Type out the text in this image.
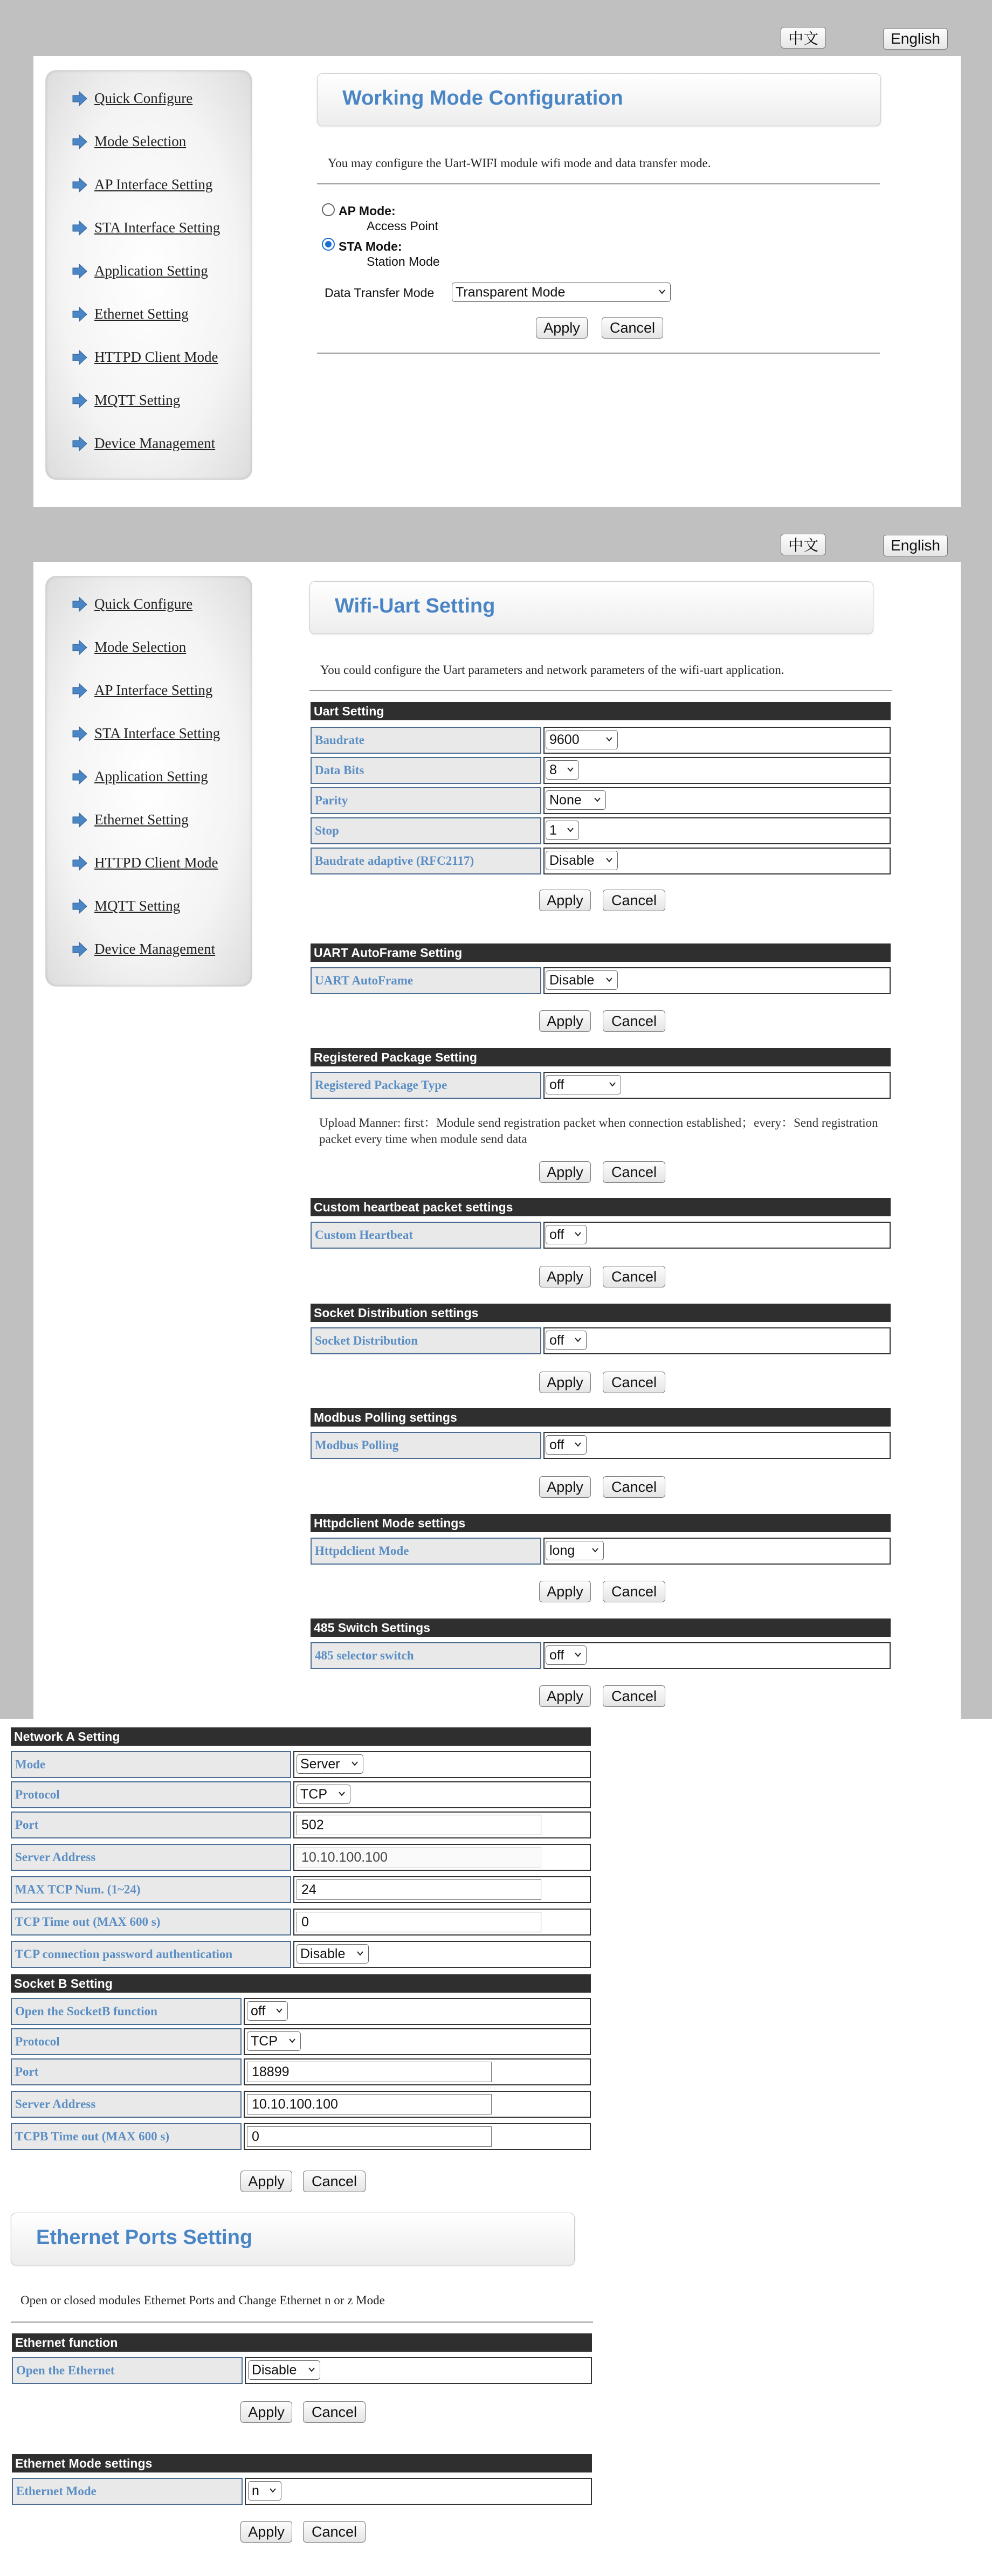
中文	English
Quick Configure
Mode Selection
AP Interface Setting
STA Interface Setting
Application Setting
Ethernet Setting
HTTPD Client Mode
MQTT Setting
Device Management
Working Mode Configuration
You may configure the Uart-WIFI module wifi mode and data transfer mode.
AP Mode:
Access Point
STA Mode:
Station Mode
Data Transfer Mode Transparent Mode
Apply	Cancel
中文	English
Quick Configure
Mode Selection
AP Interface Setting
STA Interface Setting
Application Setting
Ethernet Setting
HTTPD Client Mode
MQTT Setting
Device Management
Wifi-Uart Setting
You could configure the Uart parameters and network parameters of the wifi-uart application.
Uart Setting
Baudrate	9600
Data Bits	8
Parity	None
Stop	1
Baudrate adaptive (RFC2117)	Disable
Apply	Cancel
UART AutoFrame Setting
UART AutoFrame	Disable
Apply	Cancel
Registered Package Setting
Registered Package Type	off
Upload Manner: first：Module send registration packet when connection established；every：Send registration packet every time when module send data
Apply	Cancel
Custom heartbeat packet settings
Custom Heartbeat	off
Apply	Cancel
Socket Distribution settings
Socket Distribution	off
Apply	Cancel
Modbus Polling settings
Modbus Polling	off
Apply	Cancel
Httpdclient Mode settings
Httpdclient Mode	long
Apply	Cancel
485 Switch Settings
485 selector switch	off
Apply	Cancel
Network A Setting
Mode	Server
Protocol	TCP
Port	502
Server Address	10.10.100.100
MAX TCP Num. (1~24)	24
TCP Time out (MAX 600 s)	0
TCP connection password authentication	Disable
Socket B Setting
Open the SocketB function	off
Protocol	TCP
Port	18899
Server Address	10.10.100.100
TCPB Time out (MAX 600 s)	0
Apply	Cancel
Ethernet Ports Setting
Open or closed modules Ethernet Ports and Change Ethernet n or z Mode
Ethernet function
Open the Ethernet	Disable
Apply	Cancel
Ethernet Mode settings
Ethernet Mode	n
Apply	Cancel
